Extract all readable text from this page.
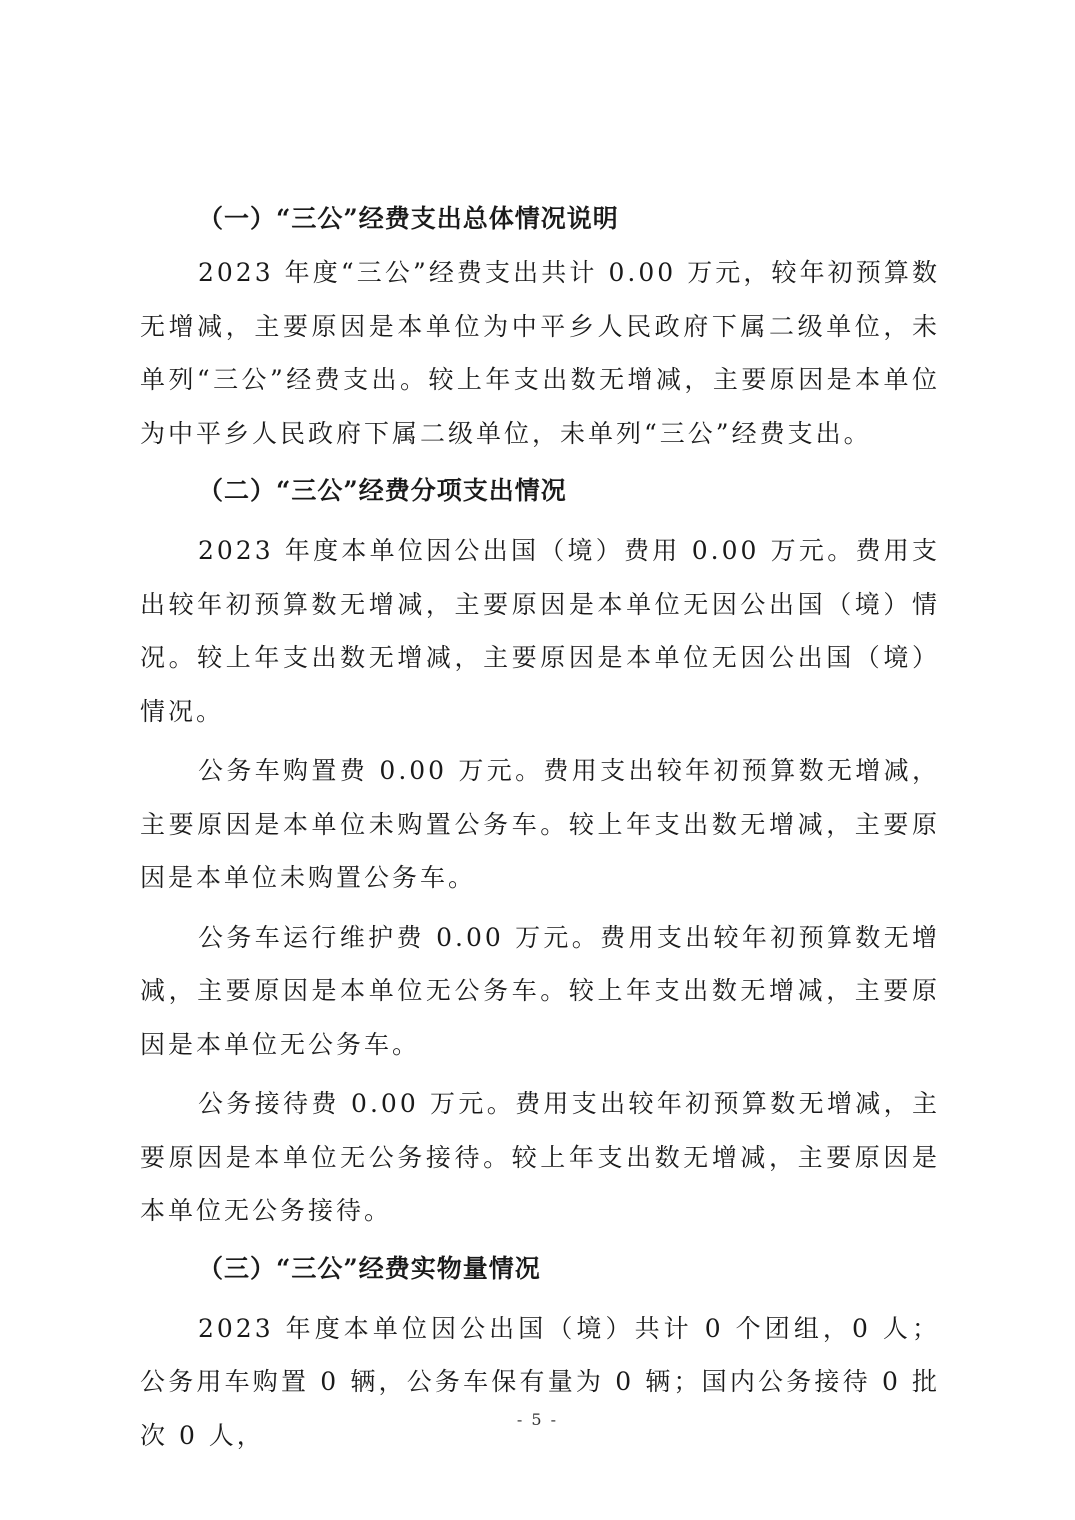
（一）“三公”经费支出总体情况说明

2023 年度“三公”经费支出共计 0.00 万元，较年初预算数无增减，主要原因是本单位为中平乡人民政府下属二级单位，未单列“三公”经费支出。较上年支出数无增减，主要原因是本单位为中平乡人民政府下属二级单位，未单列“三公”经费支出。

（二）“三公”经费分项支出情况

2023 年度本单位因公出国（境）费用 0.00 万元。费用支出较年初预算数无增减，主要原因是本单位无因公出国（境）情况。较上年支出数无增减，主要原因是本单位无因公出国（境）情况。

公务车购置费 0.00 万元。费用支出较年初预算数无增减，主要原因是本单位未购置公务车。较上年支出数无增减，主要原因是本单位未购置公务车。

公务车运行维护费 0.00 万元。费用支出较年初预算数无增减，主要原因是本单位无公务车。较上年支出数无增减，主要原因是本单位无公务车。

公务接待费 0.00 万元。费用支出较年初预算数无增减，主要原因是本单位无公务接待。较上年支出数无增减，主要原因是本单位无公务接待。

（三）“三公”经费实物量情况

2023 年度本单位因公出国（境）共计 0 个团组，0 人；公务用车购置 0 辆，公务车保有量为 0 辆；国内公务接待 0 批次 0 人，

- 5 -
